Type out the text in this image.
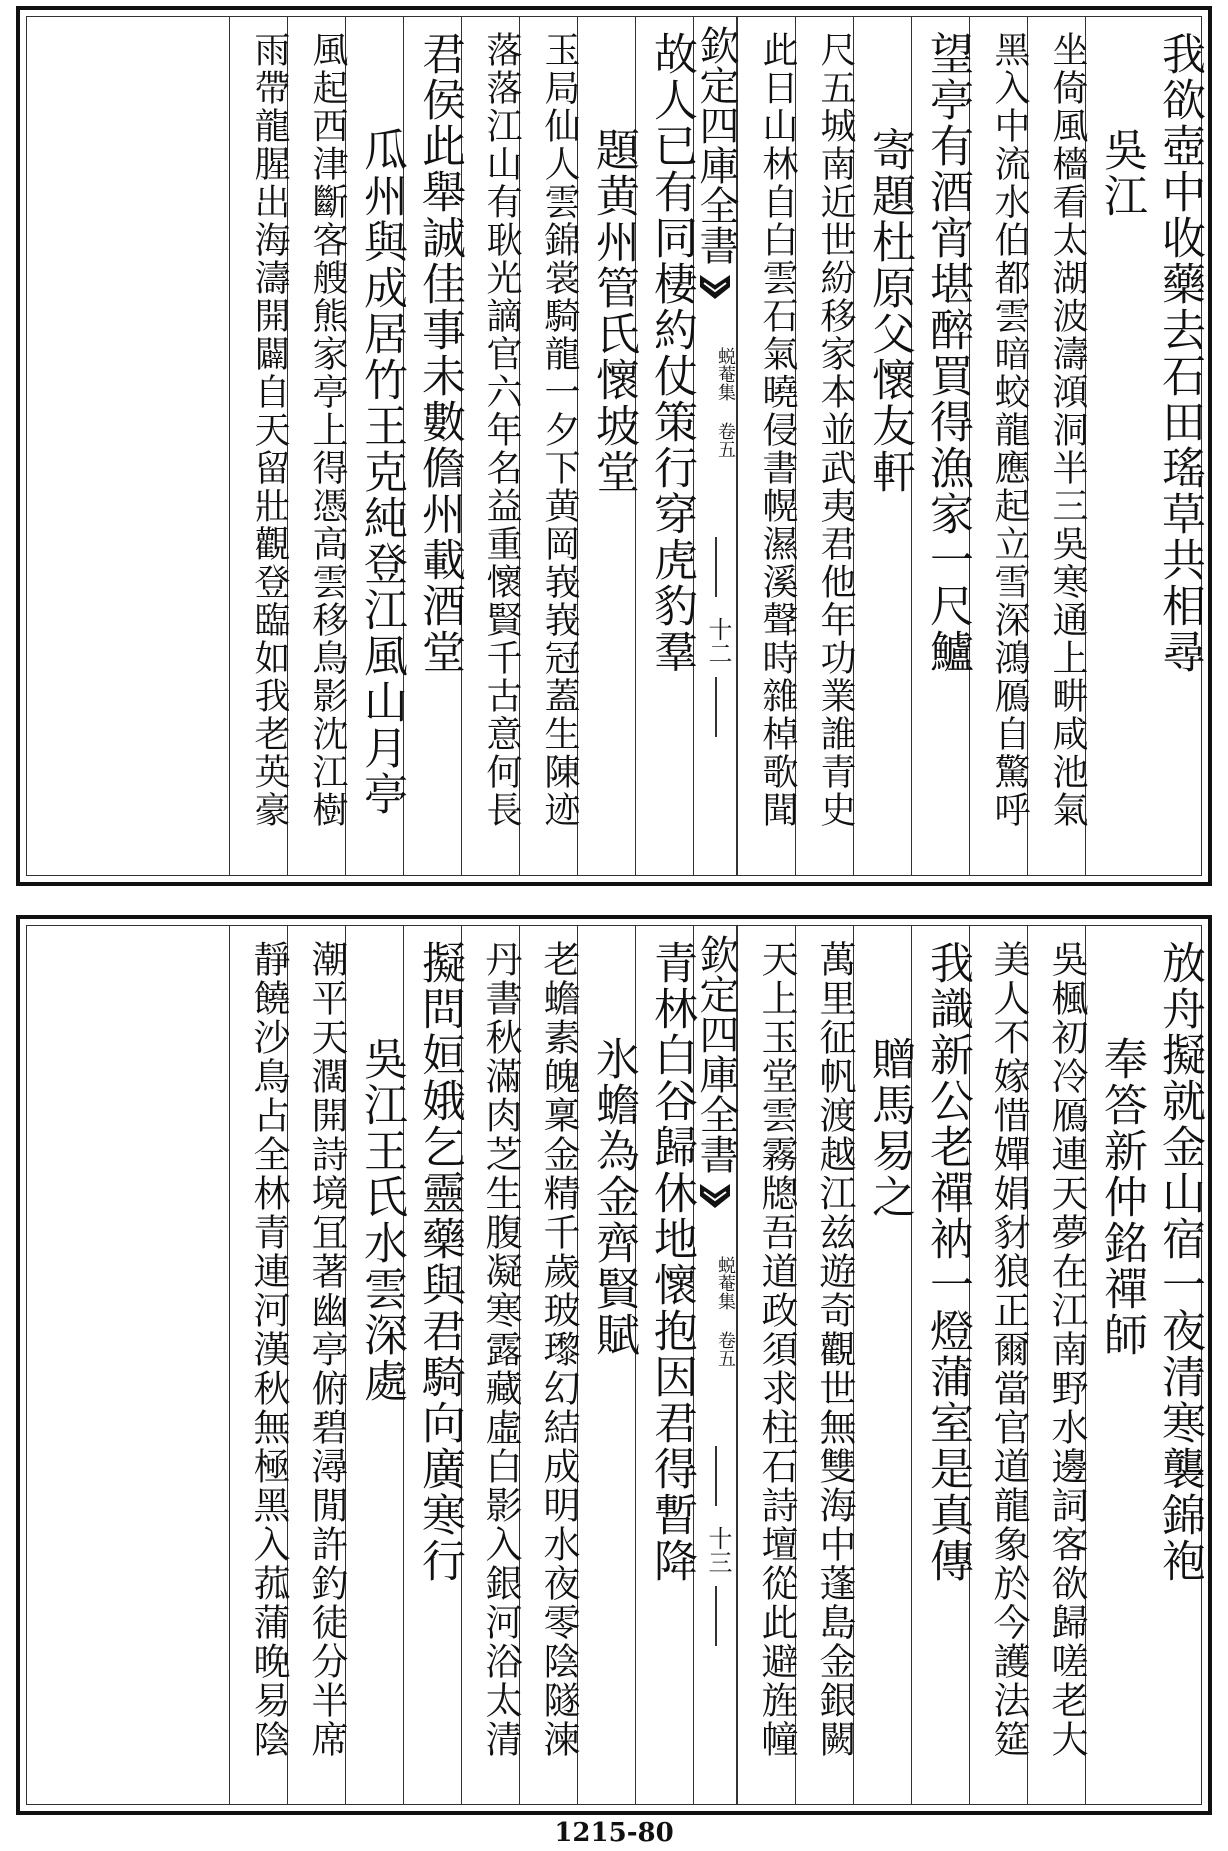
我欲壺中收藥去石田瑤草共相尋
吳江
坐倚風檣看太湖波濤澒洞半三吳寒通上畊咸池氣
黑入中流水伯都雲暗蛟龍應起立雪深鴻鴈自驚呼
望亭有酒宵堪醉買得漁家一尺鱸
寄題杜原父懷友軒
尺五城南近世紛移家本並武夷君他年功業誰青史
此日山林自白雲石氣曉侵書幌濕溪聲時雜棹歌聞
欽定四庫全書
蜕菴集 卷五
十二
故人已有同棲約仗策行穿虎豹羣
題黄州管氏懷坡堂
玉局仙人雲錦裳騎龍一夕下黄岡峩峩冠蓋生陳迹
落落江山有耿光謫官六年名益重懷賢千古意何長
君侯此舉誠佳事未數儋州載酒堂
瓜州與成居竹王克純登江風山月亭
風起西津斷客艘熊家亭上得憑高雲移鳥影沈江樹
雨帶龍腥出海濤開闢自天留壯觀登臨如我老英豪
放舟擬就金山宿一夜清寒襲錦袍
奉答新仲銘禪師
吳楓初冷鴈連天夢在江南野水邊詞客欲歸嗟老大
美人不嫁惜嬋娟豺狼正爾當官道龍象於今護法筵
我識新公老禪衲一燈蒲室是真傳
贈馬易之
萬里征帆渡越江兹遊奇觀世無雙海中蓬島金銀闕
天上玉堂雲霧牕吾道政須求柱石詩壇從此避旌幢
欽定四庫全書
蜕菴集 卷五
十三
青林白谷歸休地懷抱因君得暫降
氷蟾為金齊賢賦
老蟾素魄稟金精千歲玻瓈幻結成明水夜零陰隧湅
丹書秋滿肉芝生腹凝寒露藏虛白影入銀河浴太清
擬問姮娥乞靈藥與君騎向廣寒行
吳江王氏水雲深處
潮平天濶開詩境冝著幽亭俯碧潯閒許釣徒分半席
靜饒沙鳥占全林青連河漢秋無極黑入菰蒲晚易陰
1215-80
